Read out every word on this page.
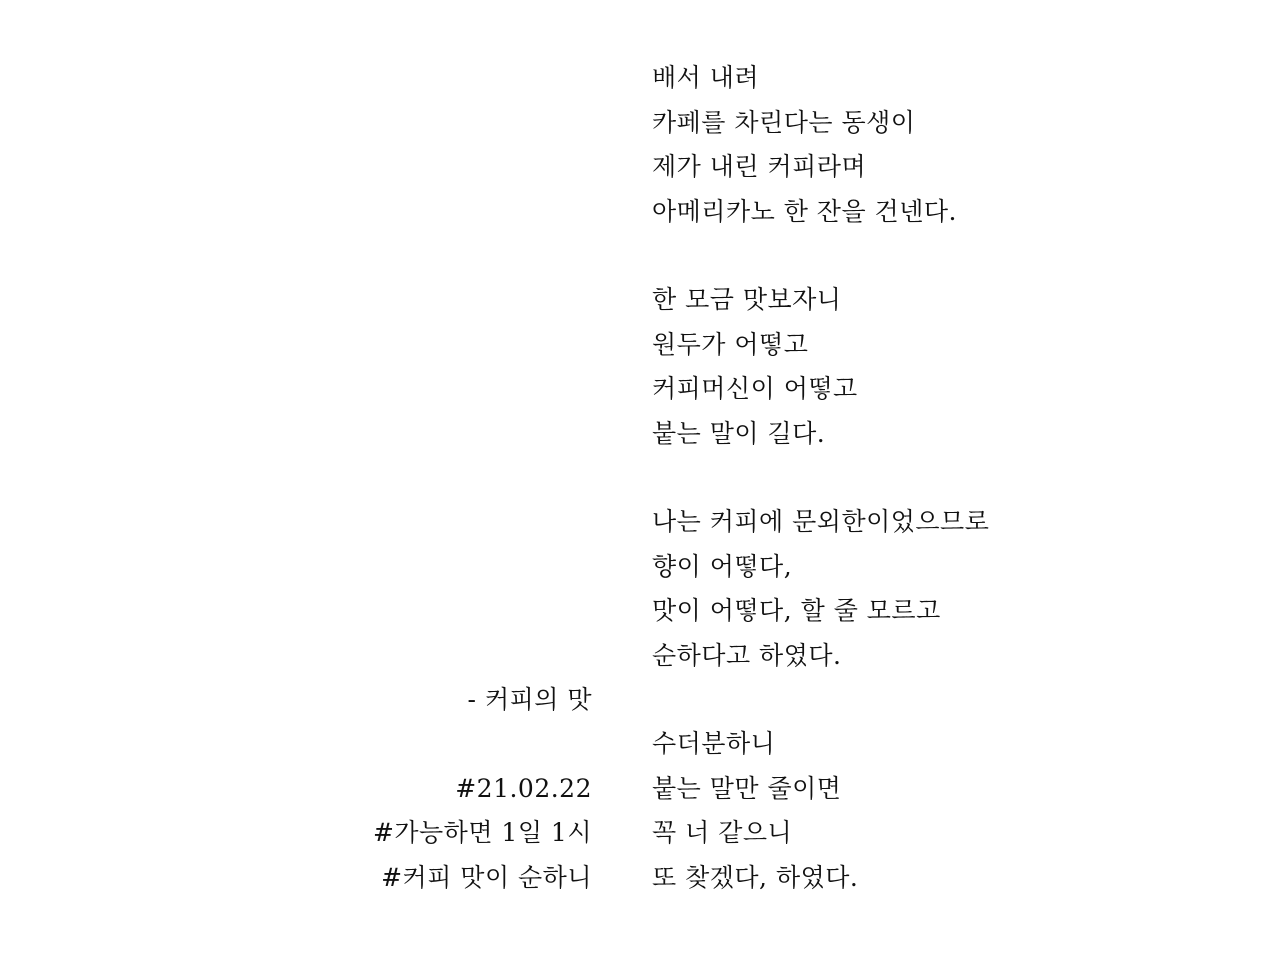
배서 내려
카페를 차린다는 동생이
제가 내린 커피라며
아메리카노 한 잔을 건넨다.
한 모금 맛보자니
원두가 어떻고
커피머신이 어떻고
붙는 말이 길다.
나는 커피에 문외한이었으므로
향이 어떻다,
맛이 어떻다, 할 줄 모르고
순하다고 하였다.
수더분하니
붙는 말만 줄이면
꼭 너 같으니
또 찾겠다, 하였다.
- 커피의 맛
#21.02.22
#가능하면 1일 1시
#커피 맛이 순하니
